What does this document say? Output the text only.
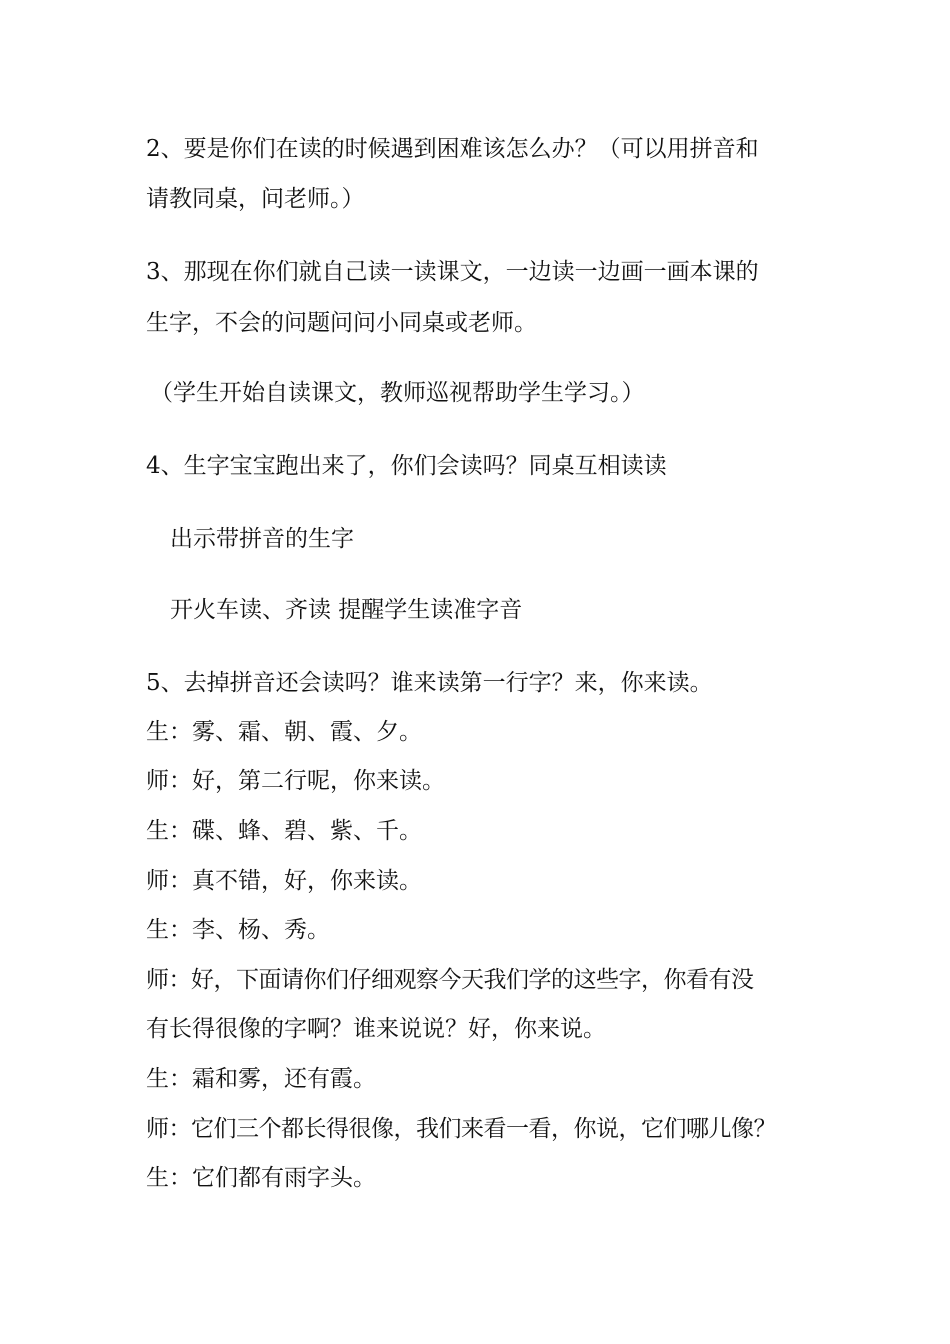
2、要是你们在读的时候遇到困难该怎么办？（可以用拼音和
请教同桌，问老师。）
3、那现在你们就自己读一读课文，一边读一边画一画本课的
生字，不会的问题问问小同桌或老师。
（学生开始自读课文，教师巡视帮助学生学习。）
4、生字宝宝跑出来了，你们会读吗？同桌互相读读
出示带拼音的生字
开火车读、齐读 提醒学生读准字音
5、去掉拼音还会读吗？谁来读第一行字？来，你来读。
生：雾、霜、朝、霞、夕。
师：好，第二行呢，你来读。
生：碟、蜂、碧、紫、千。
师：真不错，好，你来读。
生：李、杨、秀。
师：好，下面请你们仔细观察今天我们学的这些字，你看有没
有长得很像的字啊？谁来说说？好，你来说。
生：霜和雾，还有霞。
师：它们三个都长得很像，我们来看一看，你说，它们哪儿像？
生：它们都有雨字头。
